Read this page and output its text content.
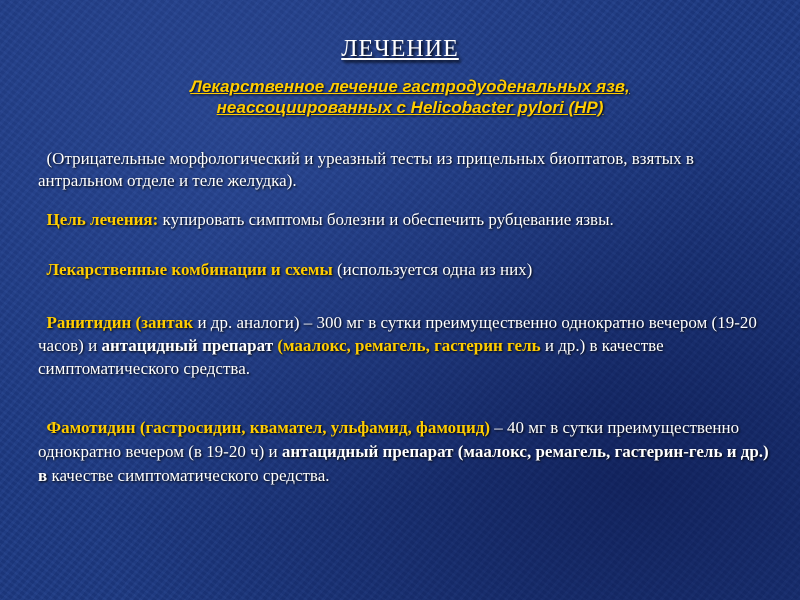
ЛЕЧЕНИЕ
Лекарственное лечение гастродуоденальных язв,
неассоциированных с Helicobacter pylori (НР)
(Отрицательные морфологический и уреазный тесты из прицельных биоптатов, взятых в антральном отделе и теле желудка).
Цель лечения: купировать симптомы болезни и обеспечить рубцевание язвы.
Лекарственные комбинации и схемы (используется одна из них)
Ранитидин (зантак и др. аналоги) – 300 мг в сутки преимущественно однократно вечером (19-20 часов) и антацидный препарат (маалокс, ремагель, гастерин гель и др.) в качестве симптоматического средства.
Фамотидин (гастросидин, квамател, ульфамид, фамоцид) – 40 мг в сутки преимущественно однократно вечером (в 19-20 ч) и антацидный препарат (маалокс, ремагель, гастерин-гель и др.) в качестве симптоматического средства.
